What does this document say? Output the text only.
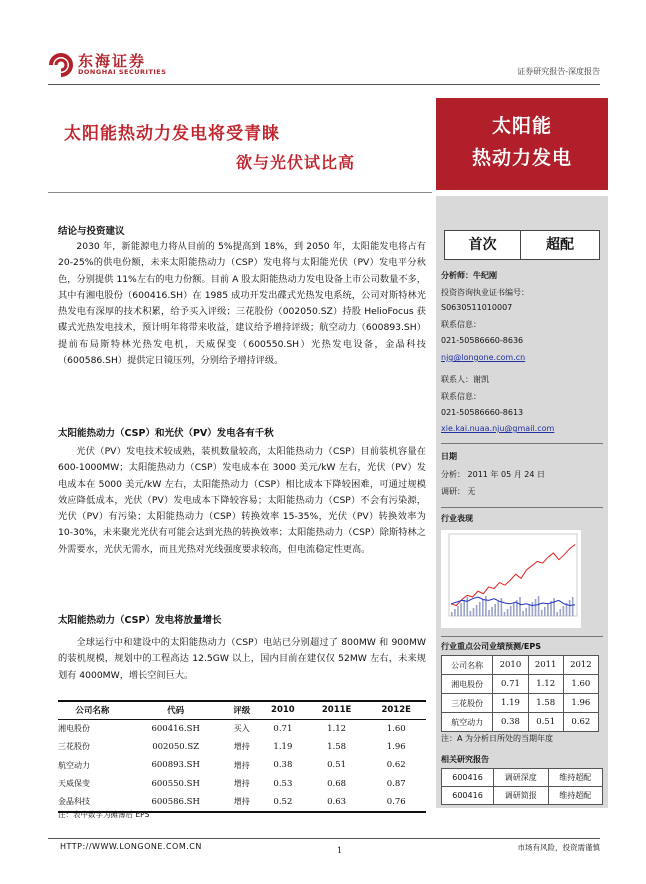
东海证券
DONGHAI SECURITIES	证券研究报告-深度报告
太阳能热动力发电将受青睐
欲与光伏试比高
太阳能
热动力发电
首次	超配
分析师：牛纪刚
投资咨询执业证书编号：
S0630511010007
联系信息：
021-50586660-8636
njg@longone.com.cn
联系人：谢凯
联系信息：
021-50586660-8613
xie.kai.nuaa.nju@gmail.com
日期
分析： 2011 年 05 月 24 日
调研： 无
行业表现
行业重点公司业绩预测/EPS
公司名称	2010	2011	2012
湘电股份	0.71	1.12	1.60
三花股份	1.19	1.58	1.96
航空动力	0.38	0.51	0.62
注：A 为分析日所处的当期年度
相关研究报告
600416	调研深度	维持超配
600416	调研简报	维持超配
结论与投资建议
2030 年，新能源电力将从目前的 5%提高到 18%，到 2050 年，太阳能发电将占有 20-25%的供电份额，未来太阳能热动力（CSP）发电将与太阳能光伏（PV）发电平分秋色，分别提供 11%左右的电力份额。目前 A 股太阳能热动力发电设备上市公司数量不多，其中有湘电股份（600416.SH）在 1985 成功开发出碟式光热发电系统，公司对斯特林光热发电有深厚的技术积累，给予买入评级；三花股份（002050.SZ）持股 HelioFocus 获碟式光热发电技术，预计明年将带来收益，建议给予增持评级；航空动力（600893.SH）提前布局斯特林光热发电机，天威保变（600550.SH）光热发电设备，金晶科技（600586.SH）提供定日镜压列，分别给予增持评级。
太阳能热动力（CSP）和光伏（PV）发电各有千秋
光伏（PV）发电技术较成熟，装机数量较高，太阳能热动力（CSP）目前装机容量在 600-1000MW；太阳能热动力（CSP）发电成本在 3000 美元/kW 左右，光伏（PV）发电成本在 5000 美元/kW 左右，太阳能热动力（CSP）相比成本下降较困难，可通过规模效应降低成本，光伏（PV）发电成本下降较容易；太阳能热动力（CSP）不会有污染源，光伏（PV）有污染；太阳能热动力（CSP）转换效率 15-35%，光伏（PV）转换效率为 10-30%，未来聚光光伏有可能会达到光热的转换效率；太阳能热动力（CSP）除斯特林之外需要水，光伏无需水，而且光热对光线强度要求较高，但电流稳定性更高。
太阳能热动力（CSP）发电将放量增长
全球运行中和建设中的太阳能热动力（CSP）电站已分别超过了 800MW 和 900MW 的装机规模，规划中的工程高达 12.5GW 以上，国内目前在建仅仅 52MW 左右，未来规划有 4000MW，增长空间巨大。
公司名称	代码	评级	2010	2011E	2012E
湘电股份	600416.SH	买入	0.71	1.12	1.60
三花股份	002050.SZ	增持	1.19	1.58	1.96
航空动力	600893.SH	增持	0.38	0.51	0.62
天威保变	600550.SH	增持	0.53	0.68	0.87
金晶科技	600586.SH	增持	0.52	0.63	0.76
注：表中数字为摊薄后 EPS
HTTP://WWW.LONGONE.COM.CN	1	市场有风险，投资需谨慎
